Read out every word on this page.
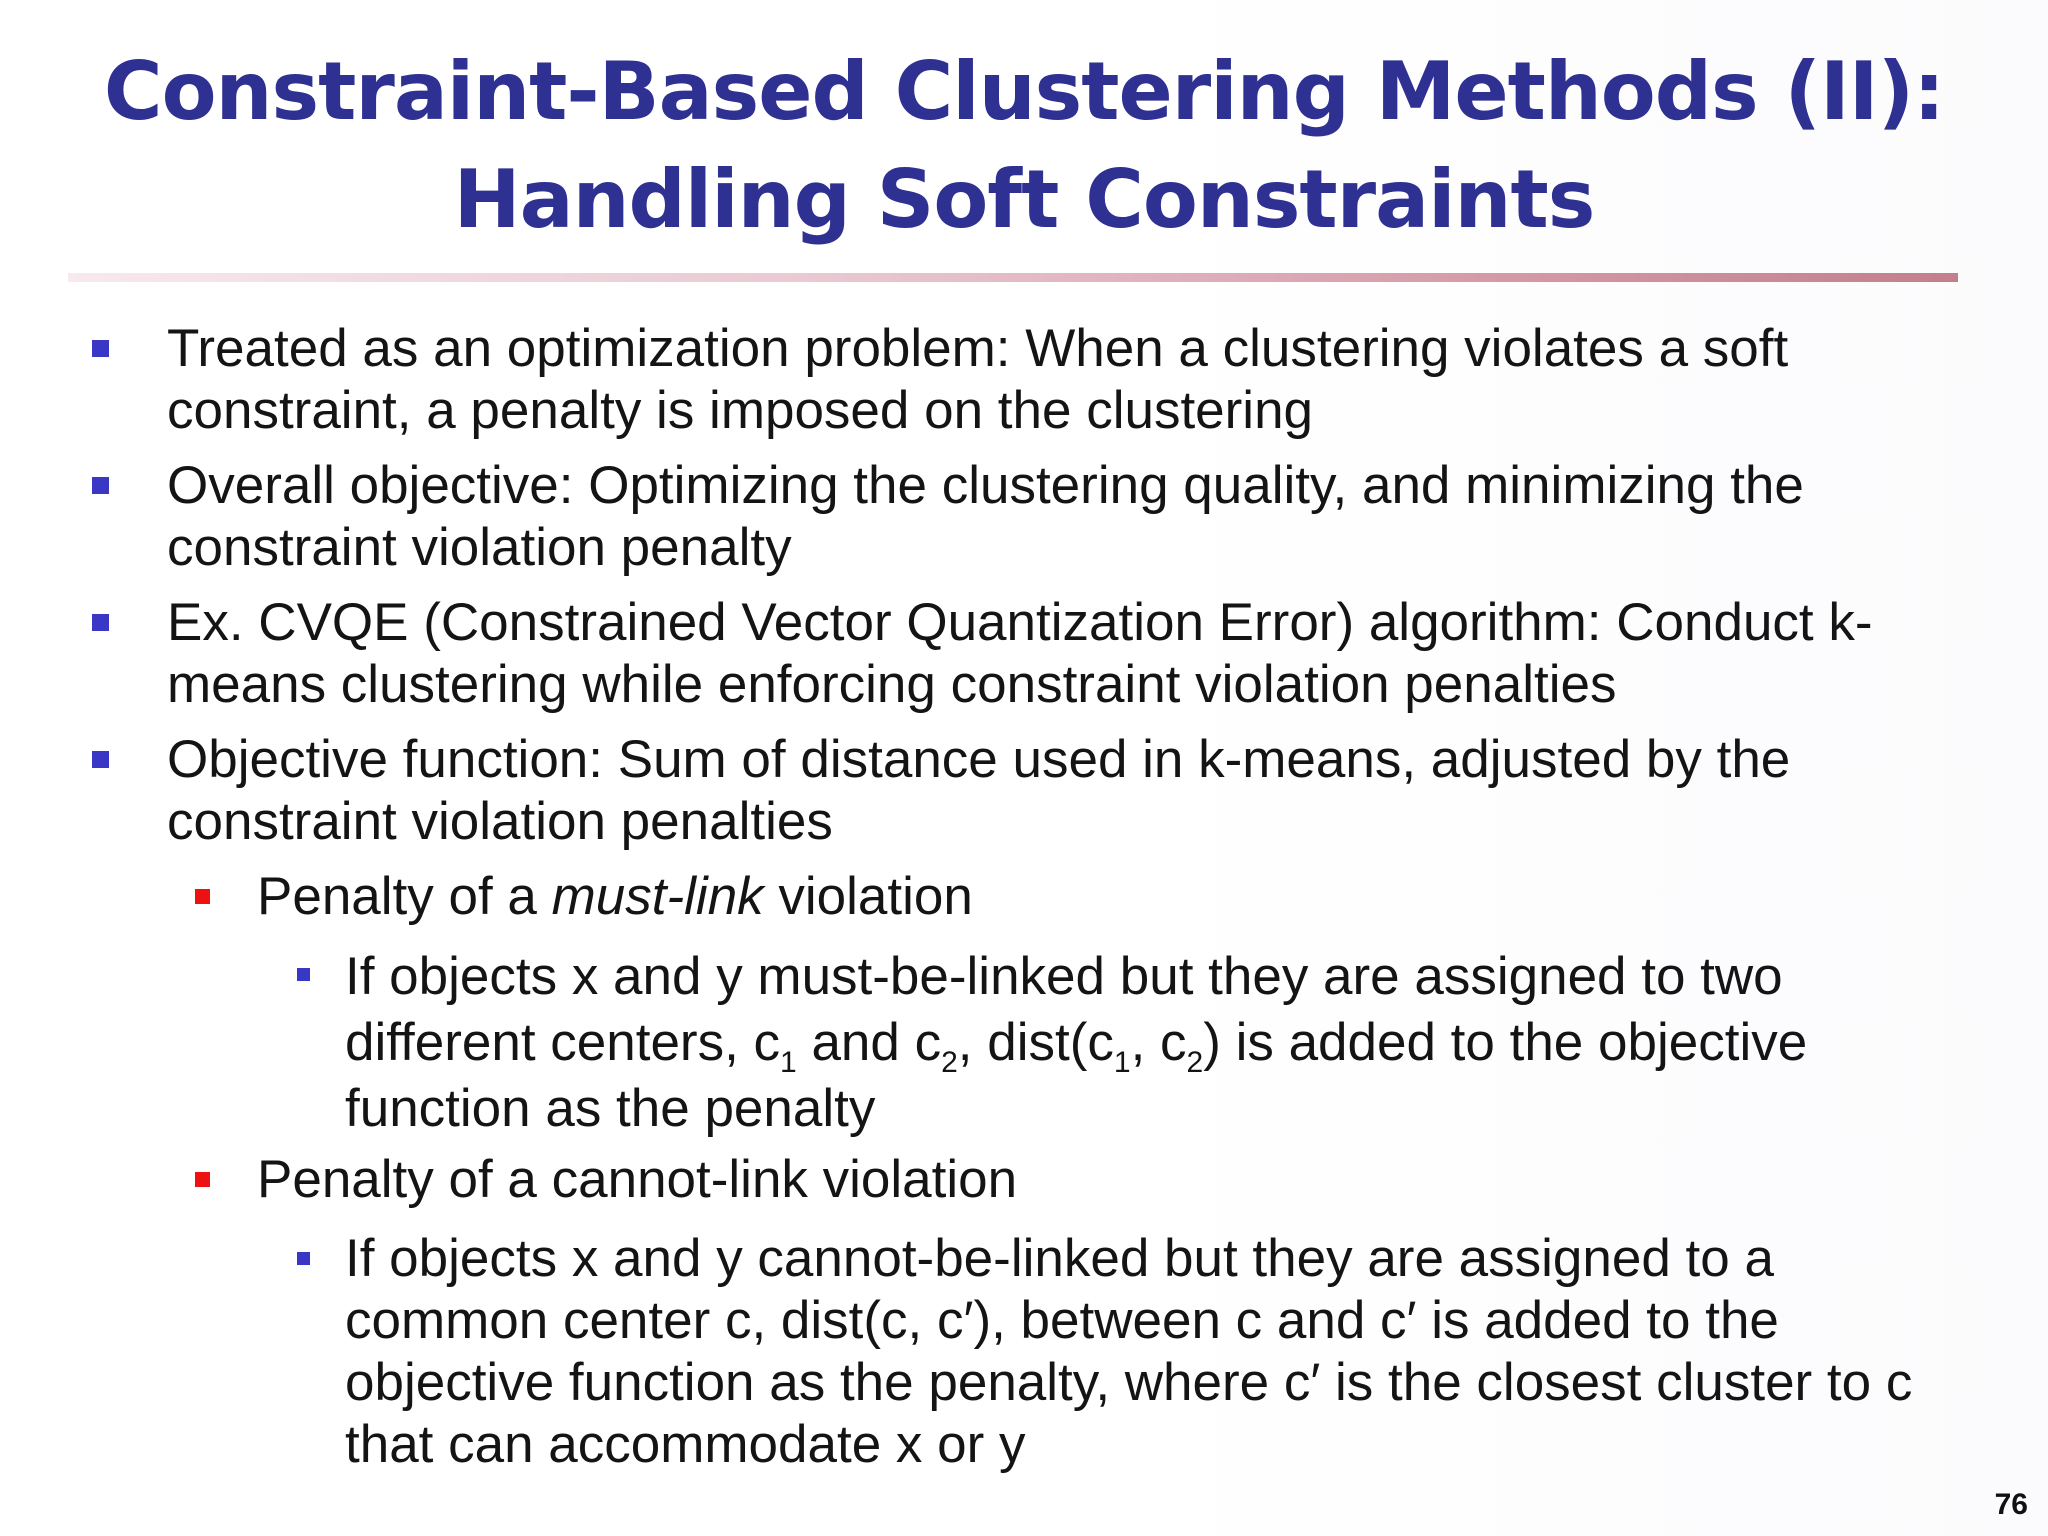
Constraint-Based Clustering Methods (II):
Handling Soft Constraints
Treated as an optimization problem: When a clustering violates a soft constraint, a penalty is imposed on the clustering
Overall objective: Optimizing the clustering quality, and minimizing the constraint violation penalty
Ex. CVQE (Constrained Vector Quantization Error) algorithm: Conduct k-means clustering while enforcing constraint violation penalties
Objective function: Sum of distance used in k-means, adjusted by the constraint violation penalties
Penalty of a must-link violation
If objects x and y must-be-linked but they are assigned to two different centers, $c_1$ and $c_2$, $dist(c_1$, $c_2$) is added to the objective function as the penalty
Penalty of a cannot-link violation
If objects x and y cannot-be-linked but they are assigned to a common center c, dist(c, c′), between c and c′ is added to the objective function as the penalty, where c′ is the closest cluster to c that can accommodate x or y
76
